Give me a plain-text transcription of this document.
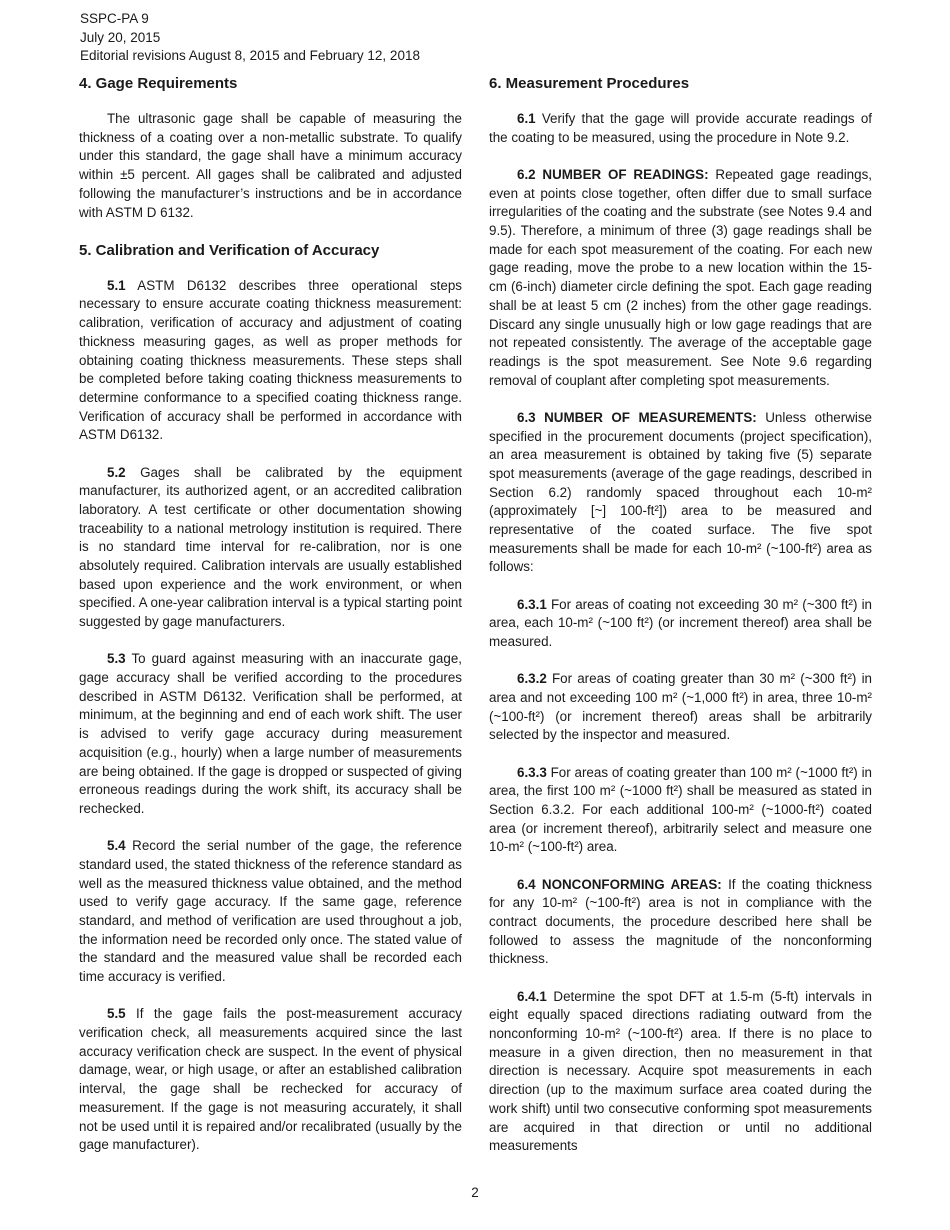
SSPC-PA 9
July 20, 2015
Editorial revisions August 8, 2015 and February 12, 2018
4. Gage Requirements

The ultrasonic gage shall be capable of measuring the thickness of a coating over a non-metallic substrate. To qualify under this standard, the gage shall have a minimum accuracy within ±5 percent. All gages shall be calibrated and adjusted following the manufacturer’s instructions and be in accordance with ASTM D 6132.

5. Calibration and Verification of Accuracy

5.1 ASTM D6132 describes three operational steps necessary to ensure accurate coating thickness measurement: calibration, verification of accuracy and adjustment of coating thickness measuring gages, as well as proper methods for obtaining coating thickness measurements. These steps shall be completed before taking coating thickness measurements to determine conformance to a specified coating thickness range. Verification of accuracy shall be performed in accordance with ASTM D6132.

5.2 Gages shall be calibrated by the equipment manufacturer, its authorized agent, or an accredited calibration laboratory. A test certificate or other documentation showing traceability to a national metrology institution is required. There is no standard time interval for re-calibration, nor is one absolutely required. Calibration intervals are usually established based upon experience and the work environment, or when specified. A one-year calibration interval is a typical starting point suggested by gage manufacturers.

5.3 To guard against measuring with an inaccurate gage, gage accuracy shall be verified according to the procedures described in ASTM D6132. Verification shall be performed, at minimum, at the beginning and end of each work shift. The user is advised to verify gage accuracy during measurement acquisition (e.g., hourly) when a large number of measurements are being obtained. If the gage is dropped or suspected of giving erroneous readings during the work shift, its accuracy shall be rechecked.

5.4 Record the serial number of the gage, the reference standard used, the stated thickness of the reference standard as well as the measured thickness value obtained, and the method used to verify gage accuracy. If the same gage, reference standard, and method of verification are used throughout a job, the information need be recorded only once. The stated value of the standard and the measured value shall be recorded each time accuracy is verified.

5.5 If the gage fails the post-measurement accuracy verification check, all measurements acquired since the last accuracy verification check are suspect. In the event of physical damage, wear, or high usage, or after an established calibration interval, the gage shall be rechecked for accuracy of measurement. If the gage is not measuring accurately, it shall not be used until it is repaired and/or recalibrated (usually by the gage manufacturer).

6. Measurement Procedures

6.1 Verify that the gage will provide accurate readings of the coating to be measured, using the procedure in Note 9.2.

6.2 NUMBER OF READINGS: Repeated gage readings, even at points close together, often differ due to small surface irregularities of the coating and the substrate (see Notes 9.4 and 9.5). Therefore, a minimum of three (3) gage readings shall be made for each spot measurement of the coating. For each new gage reading, move the probe to a new location within the 15-cm (6-inch) diameter circle defining the spot. Each gage reading shall be at least 5 cm (2 inches) from the other gage readings. Discard any single unusually high or low gage readings that are not repeated consistently. The average of the acceptable gage readings is the spot measurement. See Note 9.6 regarding removal of couplant after completing spot measurements.

6.3 NUMBER OF MEASUREMENTS: Unless otherwise specified in the procurement documents (project specification), an area measurement is obtained by taking five (5) separate spot measurements (average of the gage readings, described in Section 6.2) randomly spaced throughout each 10-m² (approximately [~] 100-ft²]) area to be measured and representative of the coated surface. The five spot measurements shall be made for each 10-m² (~100-ft²) area as follows:

6.3.1 For areas of coating not exceeding 30 m² (~300 ft²) in area, each 10-m² (~100 ft²) (or increment thereof) area shall be measured.

6.3.2 For areas of coating greater than 30 m² (~300 ft²) in area and not exceeding 100 m² (~1,000 ft²) in area, three 10-m² (~100-ft²) (or increment thereof) areas shall be arbitrarily selected by the inspector and measured.

6.3.3 For areas of coating greater than 100 m² (~1000 ft²) in area, the first 100 m² (~1000 ft²) shall be measured as stated in Section 6.3.2. For each additional 100-m² (~1000-ft²) coated area (or increment thereof), arbitrarily select and measure one 10-m² (~100-ft²) area.

6.4 NONCONFORMING AREAS: If the coating thickness for any 10-m² (~100-ft²) area is not in compliance with the contract documents, the procedure described here shall be followed to assess the magnitude of the nonconforming thickness.

6.4.1 Determine the spot DFT at 1.5-m (5-ft) intervals in eight equally spaced directions radiating outward from the nonconforming 10-m² (~100-ft²) area. If there is no place to measure in a given direction, then no measurement in that direction is necessary. Acquire spot measurements in each direction (up to the maximum surface area coated during the work shift) until two consecutive conforming spot measurements are acquired in that direction or until no additional measurements

2
